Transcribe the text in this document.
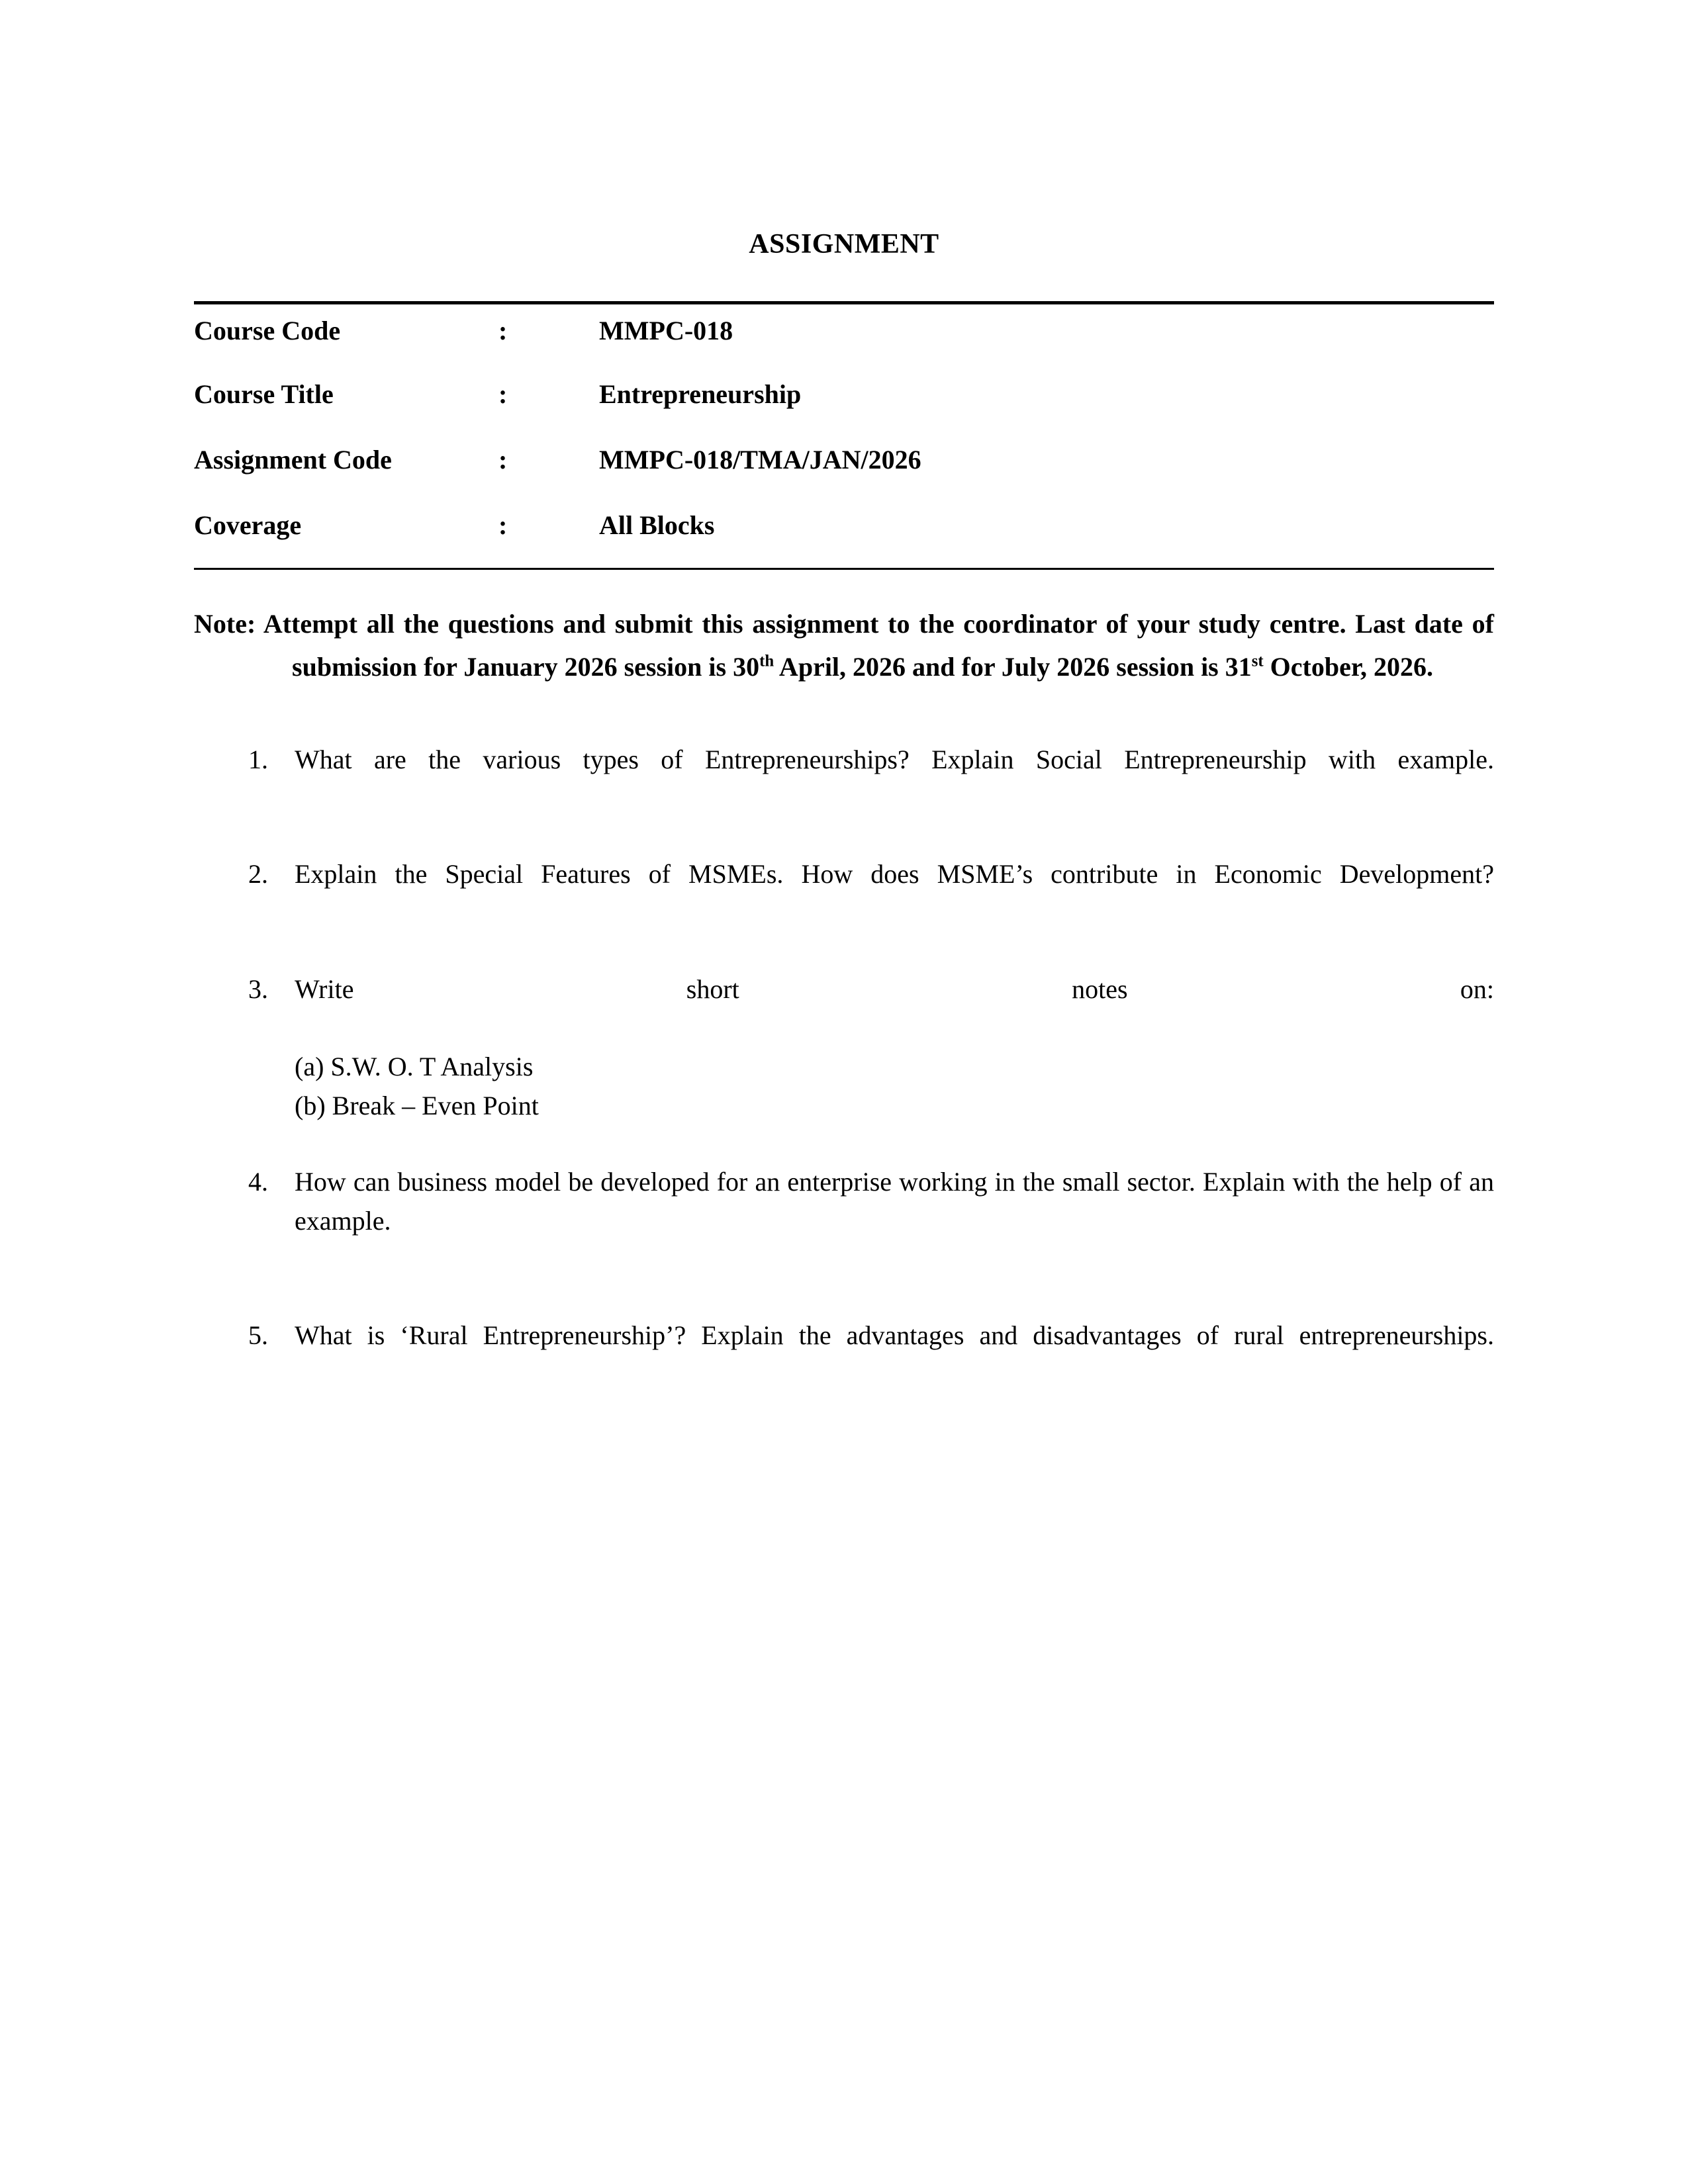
ASSIGNMENT
Course Code	:	MMPC-018
Course Title	:	Entrepreneurship
Assignment Code	:	MMPC-018/TMA/JAN/2026
Coverage	:	All Blocks

Note: Attempt all the questions and submit this assignment to the coordinator of your study centre. Last date of submission for January 2026 session is 30th April, 2026 and for July 2026 session is 31st October, 2026.

1.	What are the various types of Entrepreneurships? Explain Social Entrepreneurship with example.
2.	Explain the Special Features of MSMEs. How does MSME’s contribute in Economic Development?
3.	Write short notes on:
(a) S.W. O. T Analysis
(b) Break – Even Point
4.	How can business model be developed for an enterprise working in the small sector. Explain with the help of an example.
5.	What is ‘Rural Entrepreneurship’? Explain the advantages and disadvantages of rural entrepreneurships.
